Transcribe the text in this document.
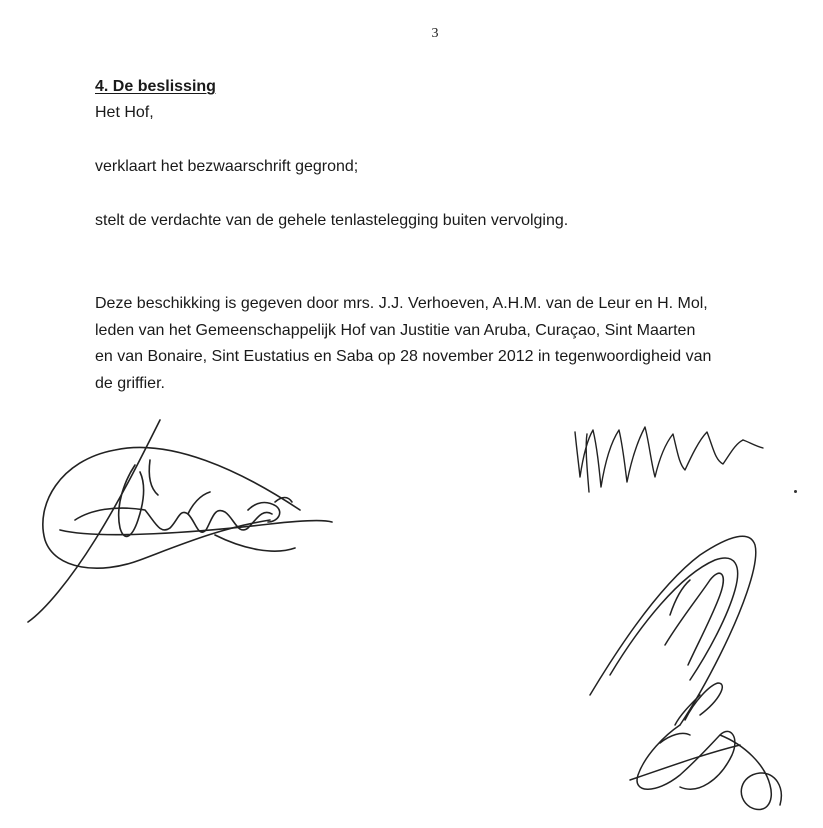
3
4. De beslissing
Het Hof,
verklaart het bezwaarschrift gegrond;
stelt de verdachte van de gehele tenlastelegging buiten vervolging.
Deze beschikking is gegeven door mrs. J.J. Verhoeven, A.H.M. van de Leur en H. Mol,
leden van het Gemeenschappelijk Hof van Justitie van Aruba, Curaçao, Sint Maarten
en van Bonaire, Sint Eustatius en Saba op 28 november 2012 in tegenwoordigheid van
de griffier.
